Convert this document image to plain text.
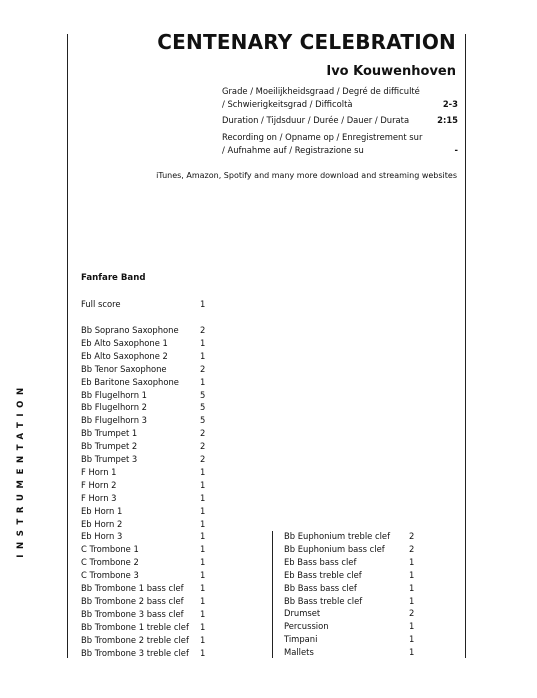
CENTENARY CELEBRATION
Ivo Kouwenhoven
Grade / Moeilijkheidsgraad / Degré de difficulté / Schwierigkeitsgrad / Difficoltà	2-3
Duration / Tijdsduur / Durée / Dauer / Durata	2:15
Recording on / Opname op / Enregistrement sur / Aufnahme auf / Registrazione su	-
iTunes, Amazon, Spotify and many more download and streaming websites
INSTRUMENTATION
Fanfare Band
Full score	1
Bb Soprano Saxophone	2
Eb Alto Saxophone 1	1
Eb Alto Saxophone 2	1
Bb Tenor Saxophone	2
Eb Baritone Saxophone	1
Bb Flugelhorn 1	5
Bb Flugelhorn 2	5
Bb Flugelhorn 3	5
Bb Trumpet 1	2
Bb Trumpet 2	2
Bb Trumpet 3	2
F Horn 1	1
F Horn 2	1
F Horn 3	1
Eb Horn 1	1
Eb Horn 2	1
Eb Horn 3	1
C Trombone 1	1
C Trombone 2	1
C Trombone 3	1
Bb Trombone 1 bass clef 1
Bb Trombone 2 bass clef 1
Bb Trombone 3 bass clef 1
Bb Trombone 1 treble clef 1
Bb Trombone 2 treble clef 1
Bb Trombone 3 treble clef 1
Bb Euphonium treble clef 2
Bb Euphonium bass clef	2
Eb Bass bass clef	1
Eb Bass treble clef	1
Bb Bass bass clef	1
Bb Bass treble clef	1
Drumset	2
Percussion	1
Timpani	1
Mallets	1
